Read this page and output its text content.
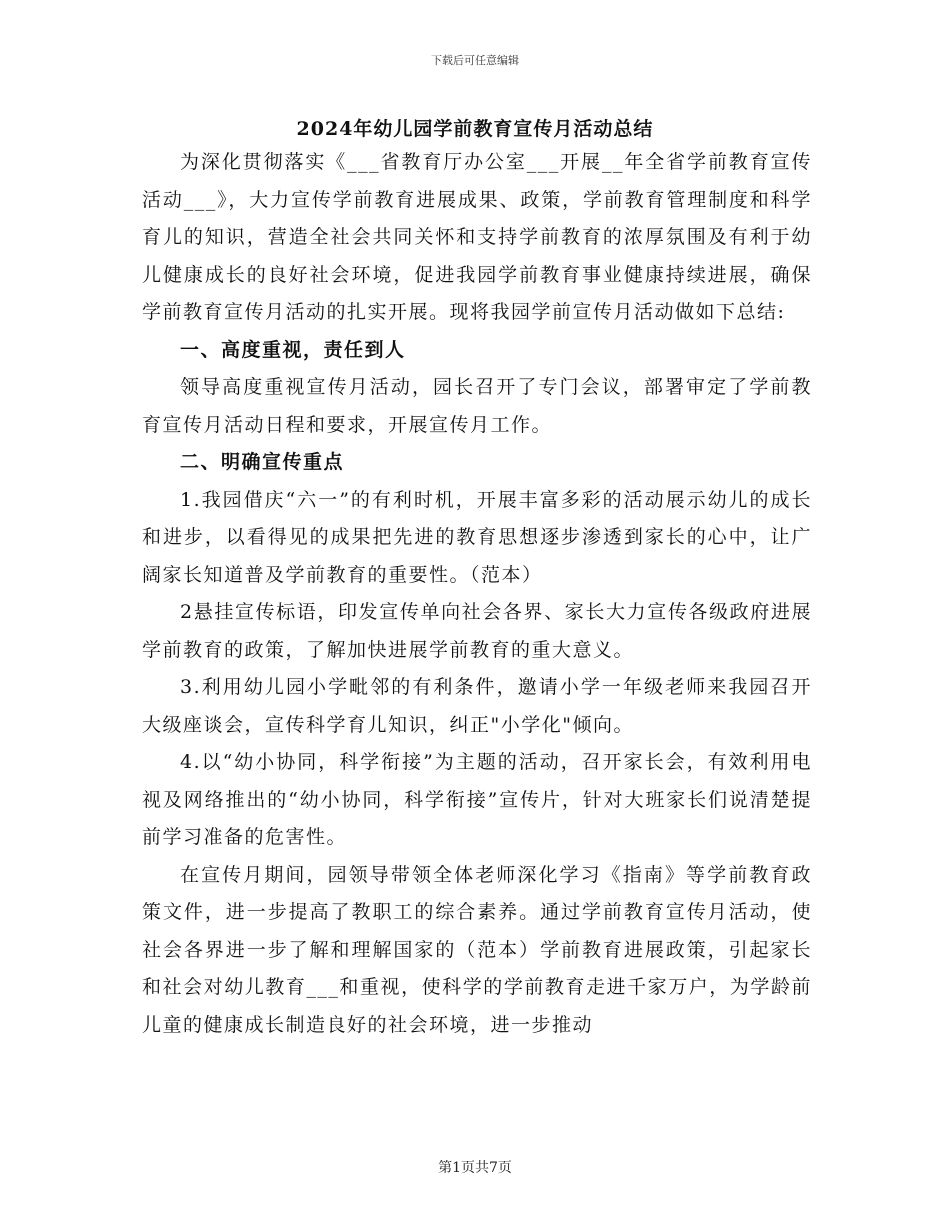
下载后可任意编辑
2024年幼儿园学前教育宣传月活动总结

为深化贯彻落实《___省教育厅办公室___开展__年全省学前教育宣传活动___》，大力宣传学前教育进展成果、政策，学前教育管理制度和科学育儿的知识，营造全社会共同关怀和支持学前教育的浓厚氛围及有利于幼儿健康成长的良好社会环境，促进我园学前教育事业健康持续进展，确保学前教育宣传月活动的扎实开展。现将我园学前宣传月活动做如下总结:

一、高度重视，责任到人

领导高度重视宣传月活动，园长召开了专门会议，部署审定了学前教育宣传月活动日程和要求，开展宣传月工作。

二、明确宣传重点

1.我园借庆“六一”的有利时机，开展丰富多彩的活动展示幼儿的成长和进步，以看得见的成果把先进的教育思想逐步渗透到家长的心中，让广阔家长知道普及学前教育的重要性。（范本）

2悬挂宣传标语，印发宣传单向社会各界、家长大力宣传各级政府进展学前教育的政策，了解加快进展学前教育的重大意义。

3.利用幼儿园小学毗邻的有利条件，邀请小学一年级老师来我园召开大级座谈会，宣传科学育儿知识，纠正"小学化"倾向。

4.以“幼小协同，科学衔接”为主题的活动，召开家长会，有效利用电视及网络推出的“幼小协同，科学衔接”宣传片，针对大班家长们说清楚提前学习准备的危害性。

在宣传月期间，园领导带领全体老师深化学习《指南》等学前教育政策文件，进一步提高了教职工的综合素养。通过学前教育宣传月活动，使社会各界进一步了解和理解国家的（范本）学前教育进展政策，引起家长和社会对幼儿教育___和重视，使科学的学前教育走进千家万户，为学龄前儿童的健康成长制造良好的社会环境，进一步推动

第1页共7页
